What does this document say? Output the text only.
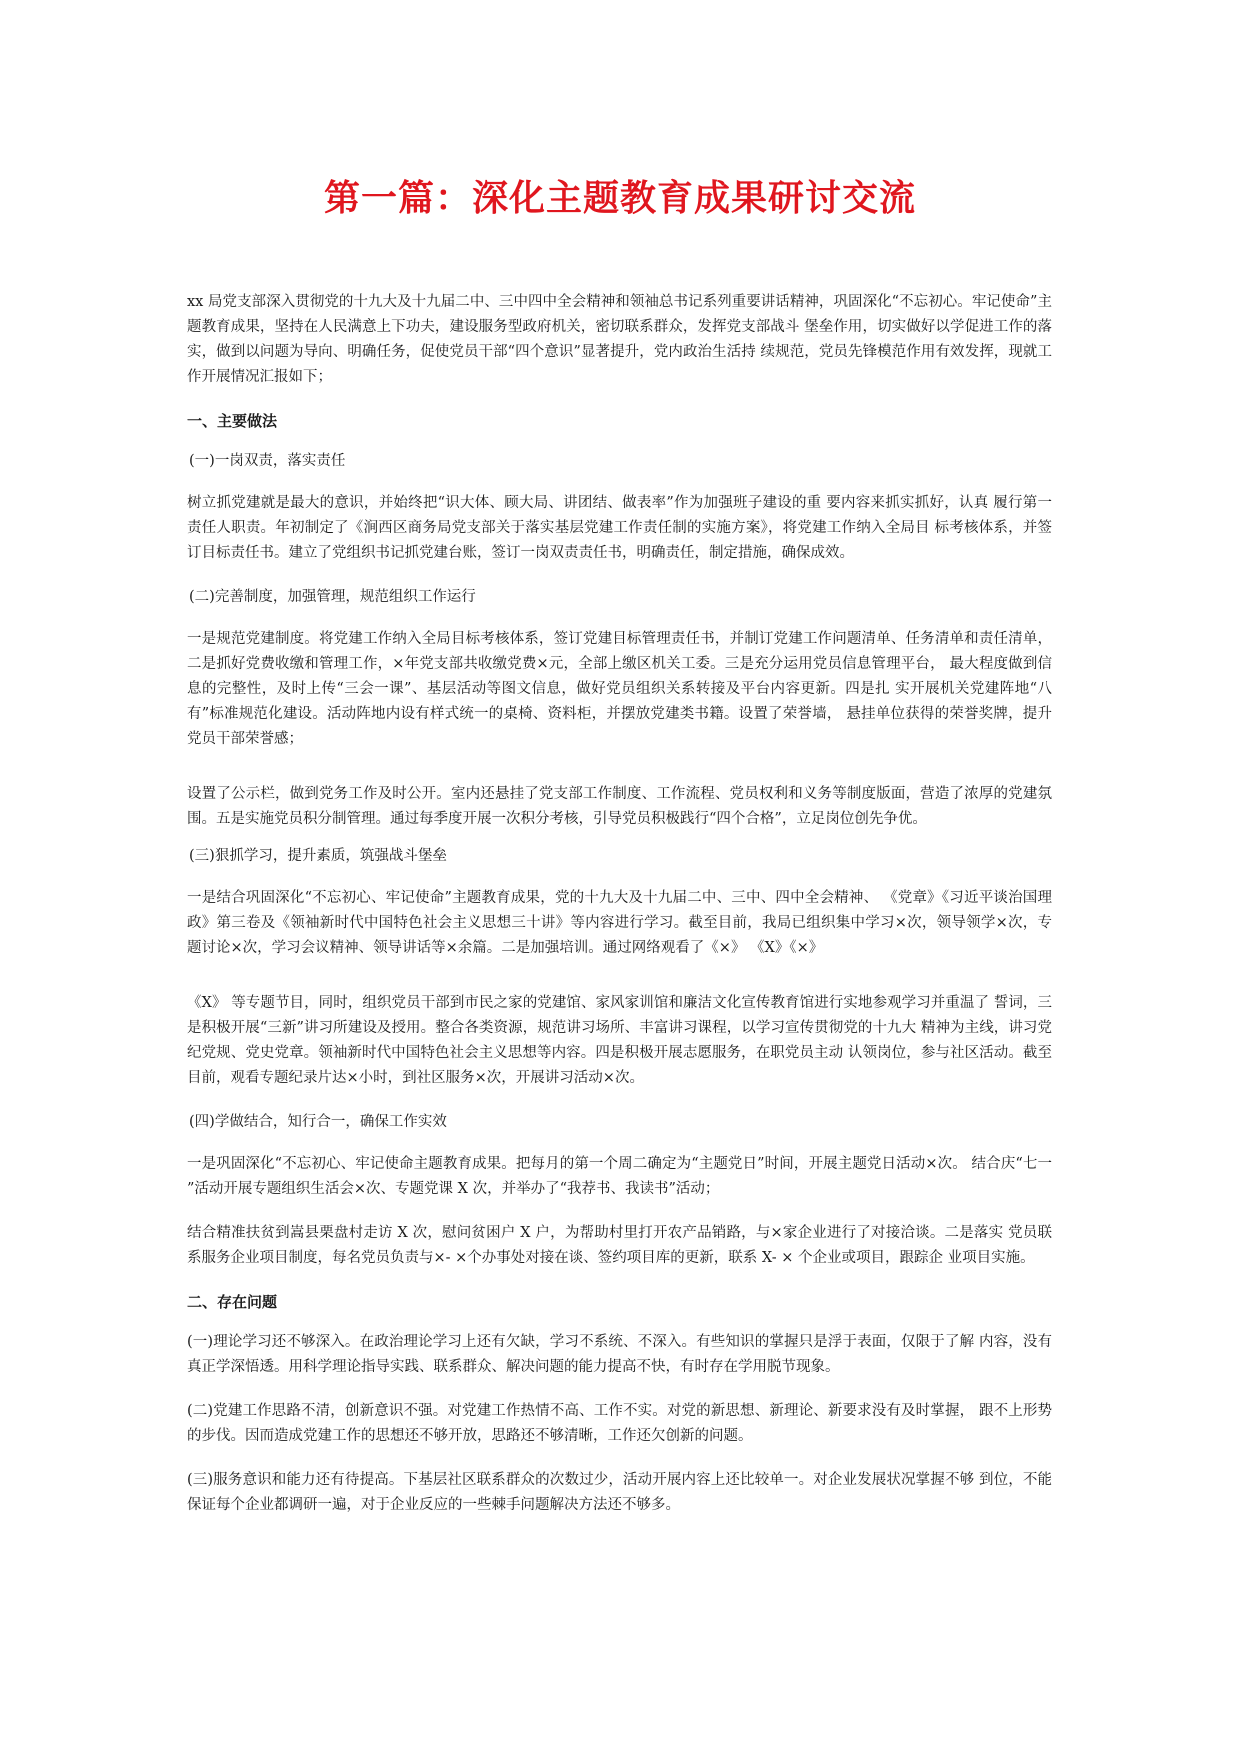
第一篇：深化主题教育成果研讨交流

xx 局党支部深入贯彻党的十九大及十九届二中、三中四中全会精神和领袖总书记系列重要讲话精神，巩固深化“不忘初心。牢记使命”主题教育成果，坚持在人民满意上下功夫，建设服务型政府机关，密切联系群众，发挥党支部战斗 堡垒作用，切实做好以学促进工作的落实，做到以问题为导向、明确任务，促使党员干部“四个意识”显著提升，党内政治生活持 续规范，党员先锋模范作用有效发挥，现就工作开展情况汇报如下；

一、主要做法

(一)一岗双责，落实责任

树立抓党建就是最大的意识，并始终把“识大体、顾大局、讲团结、做表率”作为加强班子建设的重 要内容来抓实抓好，认真 履行第一责任人职责。年初制定了《涧西区商务局党支部关于落实基层党建工作责任制的实施方案》，将党建工作纳入全局目 标考核体系，并签订目标责任书。建立了党组织书记抓党建台账，签订一岗双责责任书，明确责任，制定措施，确保成效。

(二)完善制度，加强管理，规范组织工作运行

一是规范党建制度。将党建工作纳入全局目标考核体系，签订党建目标管理责任书，并制订党建工作问题清单、任务清单和责任清单，二是抓好党费收缴和管理工作，×年党支部共收缴党费×元，全部上缴区机关工委。三是充分运用党员信息管理平台， 最大程度做到信息的完整性，及时上传“三会一课”、基层活动等图文信息，做好党员组织关系转接及平台内容更新。四是扎 实开展机关党建阵地“八有”标准规范化建设。活动阵地内设有样式统一的桌椅、资料柜，并摆放党建类书籍。设置了荣誉墙， 悬挂单位获得的荣誉奖牌，提升党员干部荣誉感；

设置了公示栏，做到党务工作及时公开。室内还悬挂了党支部工作制度、工作流程、党员权利和义务等制度版面，营造了浓厚的党建氛围。五是实施党员积分制管理。通过每季度开展一次积分考核，引导党员积极践行“四个合格”，立足岗位创先争优。

(三)狠抓学习，提升素质，筑强战斗堡垒

一是结合巩固深化“不忘初心、牢记使命”主题教育成果，党的十九大及十九届二中、三中、四中全会精神、 《党章》《习近平谈治国理政》第三卷及《领袖新时代中国特色社会主义思想三十讲》等内容进行学习。截至目前，我局已组织集中学习×次，领导领学×次，专题讨论×次，学习会议精神、领导讲话等×余篇。二是加强培训。通过网络观看了《×》 《X》《×》

《X》 等专题节目，同时，组织党员干部到市民之家的党建馆、家风家训馆和廉洁文化宣传教育馆进行实地参观学习并重温了 誓词，三是积极开展“三新”讲习所建设及授用。整合各类资源，规范讲习场所、丰富讲习课程，以学习宣传贯彻党的十九大 精神为主线，讲习党纪党规、党史党章。领袖新时代中国特色社会主义思想等内容。四是积极开展志愿服务，在职党员主动 认领岗位，参与社区活动。截至目前，观看专题纪录片达×小时，到社区服务×次，开展讲习活动×次。

(四)学做结合，知行合一，确保工作实效

一是巩固深化“不忘初心、牢记使命主题教育成果。把每月的第一个周二确定为“主题党日”时间，开展主题党日活动×次。 结合庆“七一 ”活动开展专题组织生活会×次、专题党课 X 次，并举办了“我荐书、我读书”活动；

结合精准扶贫到嵩县栗盘村走访 X 次，慰问贫困户 X 户，为帮助村里打开农产品销路，与×家企业进行了对接洽谈。二是落实 党员联系服务企业项目制度，每名党员负责与×- ×个办事处对接在谈、签约项目库的更新，联系 X- × 个企业或项目，跟踪企 业项目实施。

二、存在问题

(一)理论学习还不够深入。在政治理论学习上还有欠缺，学习不系统、不深入。有些知识的掌握只是浮于表面，仅限于了解 内容，没有真正学深悟透。用科学理论指导实践、联系群众、解决问题的能力提高不快，有时存在学用脱节现象。

(二)党建工作思路不清，创新意识不强。对党建工作热情不高、工作不实。对党的新思想、新理论、新要求没有及时掌握， 跟不上形势的步伐。因而造成党建工作的思想还不够开放，思路还不够清晰，工作还欠创新的问题。

(三)服务意识和能力还有待提高。下基层社区联系群众的次数过少，活动开展内容上还比较单一。对企业发展状况掌握不够 到位，不能保证每个企业都调研一遍，对于企业反应的一些棘手问题解决方法还不够多。
